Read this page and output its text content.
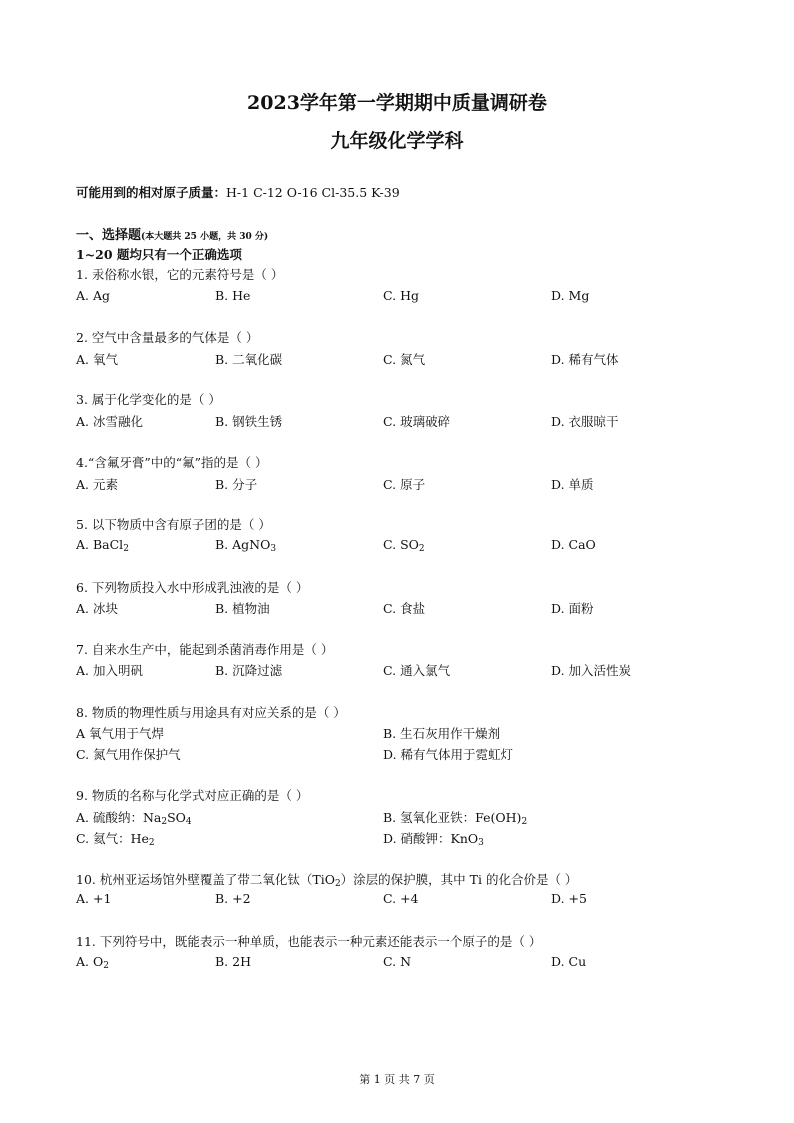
2023学年第一学期期中质量调研卷
九年级化学学科
可能用到的相对原子质量：H-1 C-12 O-16 Cl-35.5 K-39
一、选择题(本大题共 25 小题，共 30 分)
1~20 题均只有一个正确选项
1. 汞俗称水银，它的元素符号是（ ）
A. Ag	B. He	C. Hg	D. Mg
2. 空气中含量最多的气体是（ ）
A. 氧气	B. 二氧化碳	C. 氮气	D. 稀有气体
3. 属于化学变化的是（ ）
A. 冰雪融化	B. 钢铁生锈	C. 玻璃破碎	D. 衣服晾干
4.“含氟牙膏”中的“氟”指的是（ ）
A. 元素	B. 分子	C. 原子	D. 单质
5. 以下物质中含有原子团的是（ ）
A. BaCl$_2$	B. AgNO$_3$	C. $SO_2$	D. CaO
6. 下列物质投入水中形成乳浊液的是（ ）
A. 冰块	B. 植物油	C. 食盐	D. 面粉
7. 自来水生产中，能起到杀菌消毒作用是（ ）
A. 加入明矾	B. 沉降过滤	C. 通入氯气	D. 加入活性炭
8. 物质的物理性质与用途具有对应关系的是（ ）
A 氧气用于气焊	B. 生石灰用作干燥剂
C. 氮气用作保护气	D. 稀有气体用于霓虹灯
9. 物质的名称与化学式对应正确的是（ ）
A. 硫酸纳：$Na_2SO_4$	B. 氢氧化亚铁：$Fe(OH)_2$
C. 氦气：$He_2$	D. 硝酸钾：KnO$_3$
10. 杭州亚运场馆外壁覆盖了带二氧化钛（TiO$_2$）涂层的保护膜，其中 Ti 的化合价是（ ）
A. +1	B. +2	C. +4	D. +5
11. 下列符号中，既能表示一种单质，也能表示一种元素还能表示一个原子的是（ ）
A. $O_2$	B. 2H	C. N	D. Cu
第 1 页 共 7 页
